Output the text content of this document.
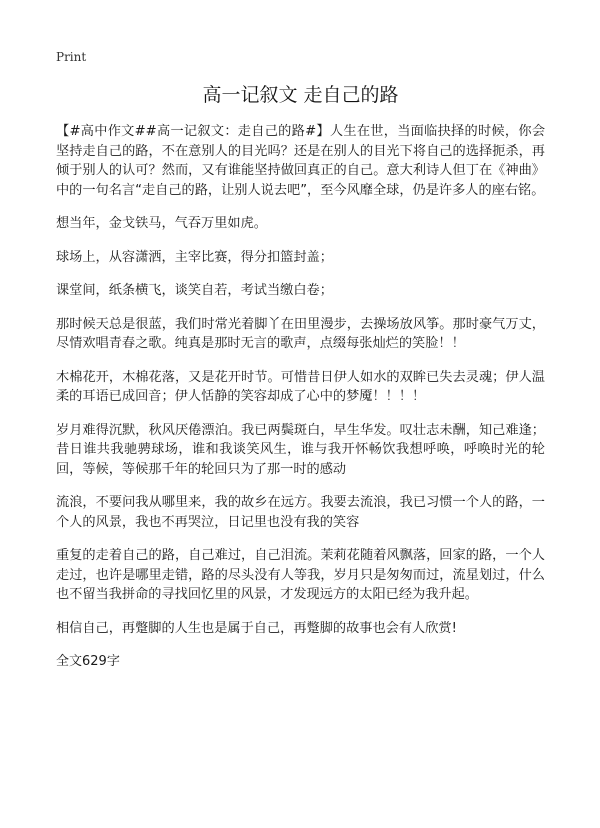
Print
高一记叙文 走自己的路

【#高中作文##高一记叙文：走自己的路#】人生在世，当面临抉择的时候，你会坚持走自己的路，不在意别人的目光吗？还是在别人的目光下将自己的选择扼杀，再倾于别人的认可？然而，又有谁能坚持做回真正的自己。意大利诗人但丁在《神曲》中的一句名言“走自己的路，让别人说去吧”，至今风靡全球，仍是许多人的座右铭。

想当年，金戈铁马，气吞万里如虎。

球场上，从容潇洒，主宰比赛，得分扣篮封盖；

课堂间，纸条横飞，谈笑自若，考试当缴白卷；

那时候天总是很蓝，我们时常光着脚丫在田里漫步，去操场放风筝。那时豪气万丈，尽情欢唱青春之歌。纯真是那时无言的歌声，点缀每张灿烂的笑脸！！

木棉花开，木棉花落，又是花开时节。可惜昔日伊人如水的双眸已失去灵魂；伊人温柔的耳语已成回音；伊人恬静的笑容却成了心中的梦魇！！！！

岁月难得沉默，秋风厌倦漂泊。我已两鬓斑白，早生华发。叹壮志未酬，知己难逢；昔日谁共我驰骋球场，谁和我谈笑风生，谁与我开怀畅饮我想呼唤，呼唤时光的轮回，等候，等候那千年的轮回只为了那一时的感动

流浪，不要问我从哪里来，我的故乡在远方。我要去流浪，我已习惯一个人的路，一个人的风景，我也不再哭泣，日记里也没有我的笑容

重复的走着自己的路，自己难过，自己泪流。茉莉花随着风飘落，回家的路，一个人走过，也许是哪里走错，路的尽头没有人等我，岁月只是匆匆而过，流星划过，什么也不留当我拼命的寻找回忆里的风景，才发现远方的太阳已经为我升起。

相信自己，再蹩脚的人生也是属于自己，再蹩脚的故事也会有人欣赏!

全文629字
